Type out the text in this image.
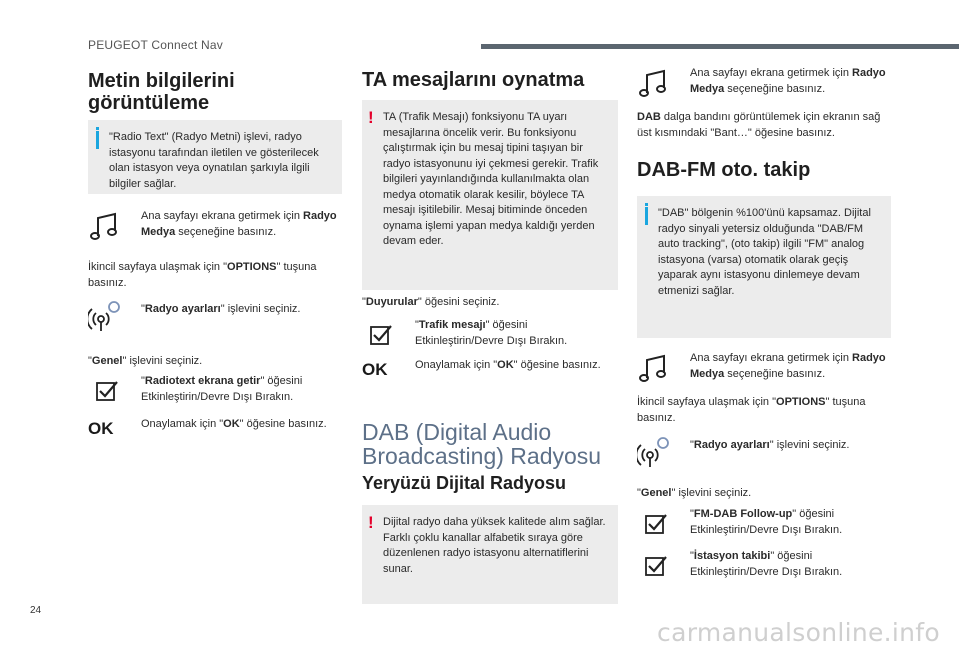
PEUGEOT Connect Nav
Metin bilgilerini görüntüleme
"Radio Text" (Radyo Metni) işlevi, radyo istasyonu tarafından iletilen ve gösterilecek olan istasyon veya oynatılan şarkıyla ilgili bilgiler sağlar.
Ana sayfayı ekrana getirmek için Radyo Medya seçeneğine basınız.
İkincil sayfaya ulaşmak için "OPTIONS" tuşuna basınız.
"Radyo ayarları" işlevini seçiniz.
"Genel" işlevini seçiniz.
"Radiotext ekrana getir" öğesini Etkinleştirin/Devre Dışı Bırakın.
OK	Onaylamak için "OK" öğesine basınız.
TA mesajlarını oynatma
! TA (Trafik Mesajı) fonksiyonu TA uyarı mesajlarına öncelik verir. Bu fonksiyonu çalıştırmak için bu mesaj tipini taşıyan bir radyo istasyonunu iyi çekmesi gerekir. Trafik bilgileri yayınlandığında kullanılmakta olan medya otomatik olarak kesilir, böylece TA mesajı işitilebilir. Mesaj bitiminde önceden oynama işlemi yapan medya kaldığı yerden devam eder.
"Duyurular" öğesini seçiniz.
"Trafik mesajı" öğesini Etkinleştirin/Devre Dışı Bırakın.
OK	Onaylamak için "OK" öğesine basınız.
DAB (Digital Audio Broadcasting) Radyosu
Yeryüzü Dijital Radyosu
! Dijital radyo daha yüksek kalitede alım sağlar. Farklı çoklu kanallar alfabetik sıraya göre düzenlenen radyo istasyonu alternatiflerini sunar.
Ana sayfayı ekrana getirmek için Radyo Medya seçeneğine basınız.
DAB dalga bandını görüntülemek için ekranın sağ üst kısmındaki "Bant…" öğesine basınız.
DAB-FM oto. takip
"DAB" bölgenin %100'ünü kapsamaz. Dijital radyo sinyali yetersiz olduğunda "DAB/FM auto tracking", (oto takip) ilgili "FM" analog istasyona (varsa) otomatik olarak geçiş yaparak aynı istasyonu dinlemeye devam etmenizi sağlar.
Ana sayfayı ekrana getirmek için Radyo Medya seçeneğine basınız.
İkincil sayfaya ulaşmak için "OPTIONS" tuşuna basınız.
"Radyo ayarları" işlevini seçiniz.
"Genel" işlevini seçiniz.
"FM-DAB Follow-up" öğesini Etkinleştirin/Devre Dışı Bırakın.
"İstasyon takibi" öğesini Etkinleştirin/Devre Dışı Bırakın.
24
carmanualsonline.info
